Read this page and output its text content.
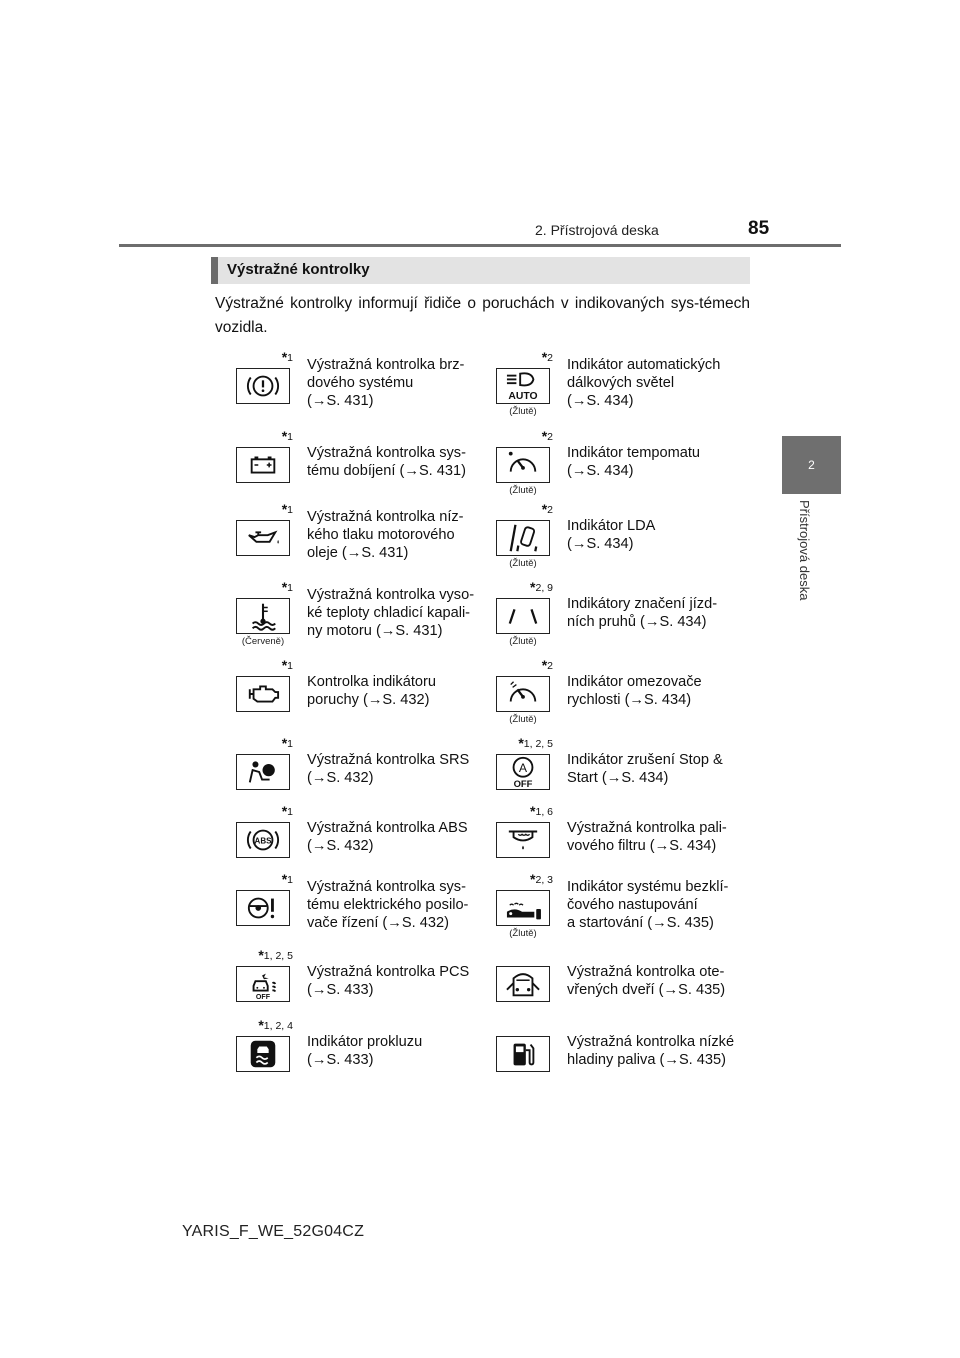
2. Přístrojová deska	85
2
Přístrojová deska
Výstražné kontrolky
Výstražné kontrolky informují řidiče o poruchách v indikovaných sys-témech vozidla.
*1 Výstražná kontrolka brz-
dového systému
(→S. 431)
*1
Výstražná kontrolka sys-
tému dobíjení (→S. 431)
*1 Výstražná kontrolka níz-
kého tlaku motorového
oleje (→S. 431)
*1
(Červeně)
Výstražná kontrolka vyso-
ké teploty chladicí kapali-
ny motoru (→S. 431)
*1
Kontrolka indikátoru
poruchy (→S. 432)
*1
Výstražná kontrolka SRS
(→S. 432)
*1
ABS
Výstražná kontrolka ABS
(→S. 432)
*1 Výstražná kontrolka sys-
tému elektrického posilo-
vače řízení (→S. 432)
*1, 2, 5
OFF
Výstražná kontrolka PCS
(→S. 433)
*1, 2, 4
Indikátor prokluzu
(→S. 433)
*2
AUTO
(Žlutě)
Indikátor automatických
dálkových světel
(→S. 434)
*2
(Žlutě)
Indikátor tempomatu
(→S. 434)
*2
(Žlutě)
Indikátor LDA
(→S. 434)
*2, 9
(Žlutě)
Indikátory značení jízd-
ních pruhů (→S. 434)
*2
(Žlutě)
Indikátor omezovače
rychlosti (→S. 434)
*1, 2, 5
A
OFF
Indikátor zrušení Stop &
Start (→S. 434)
*1, 6
Výstražná kontrolka pali-
vového filtru (→S. 434)
*2, 3
(Žlutě)
Indikátor systému bezklí-
čového nastupování
a startování (→S. 435)
Výstražná kontrolka ote-
vřených dveří (→S. 435)
Výstražná kontrolka nízké
hladiny paliva (→S. 435)
YARIS_F_WE_52G04CZ
